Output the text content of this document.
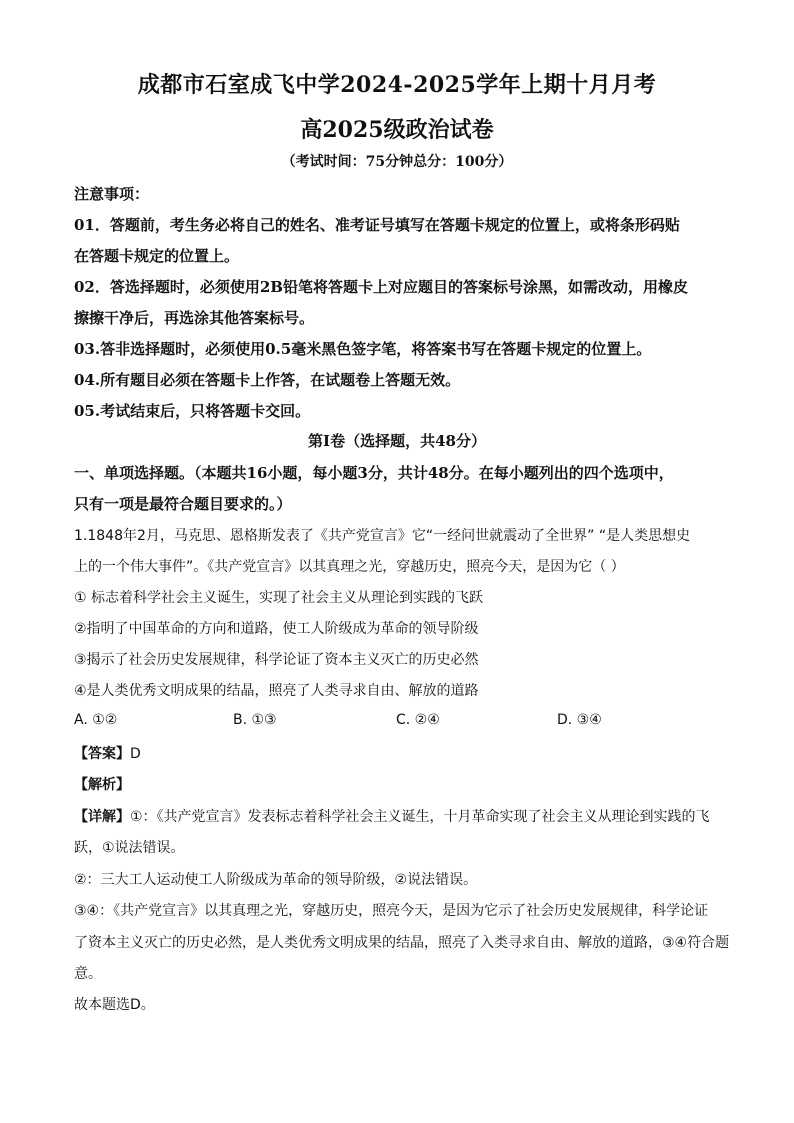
成都市石室成飞中学2024-2025学年上期十月月考
高2025级政治试卷
（考试时间：75分钟总分：100分）
注意事项：
01．答题前，考生务必将自己的姓名、准考证号填写在答题卡规定的位置上，或将条形码贴
在答题卡规定的位置上。
02．答选择题时，必须使用2B铅笔将答题卡上对应题目的答案标号涂黑，如需改动，用橡皮
擦擦干净后，再选涂其他答案标号。
03.答非选择题时，必须使用0.5毫米黑色签字笔，将答案书写在答题卡规定的位置上。
04.所有题目必须在答题卡上作答，在试题卷上答题无效。
05.考试结束后，只将答题卡交回。
第Ⅰ卷（选择题，共48分）
一、单项选择题。（本题共16小题，每小题3分，共计48分。在每小题列出的四个选项中，
只有一项是最符合题目要求的。）
1.1848年2月，马克思、恩格斯发表了《共产党宣言》它“一经问世就震动了全世界” “是人类思想史
上的一个伟大事件”。《共产党宣言》以其真理之光，穿越历史，照亮今天，是因为它（ ）
① 标志着科学社会主义诞生，实现了社会主义从理论到实践的飞跃
②指明了中国革命的方向和道路，使工人阶级成为革命的领导阶级
③揭示了社会历史发展规律，科学论证了资本主义灭亡的历史必然
④是人类优秀文明成果的结晶，照亮了人类寻求自由、解放的道路
A. ①②	B. ①③	C. ②④	D. ③④
【答案】D
【解析】
【详解】①：《共产党宣言》发表标志着科学社会主义诞生，十月革命实现了社会主义从理论到实践的飞
跃，①说法错误。
②：三大工人运动使工人阶级成为革命的领导阶级，②说法错误。
③④：《共产党宣言》以其真理之光，穿越历史，照亮今天，是因为它示了社会历史发展规律，科学论证
了资本主义灭亡的历史必然，是人类优秀文明成果的结晶，照亮了入类寻求自由、解放的道路，③④符合题
意。
故本题选D。
